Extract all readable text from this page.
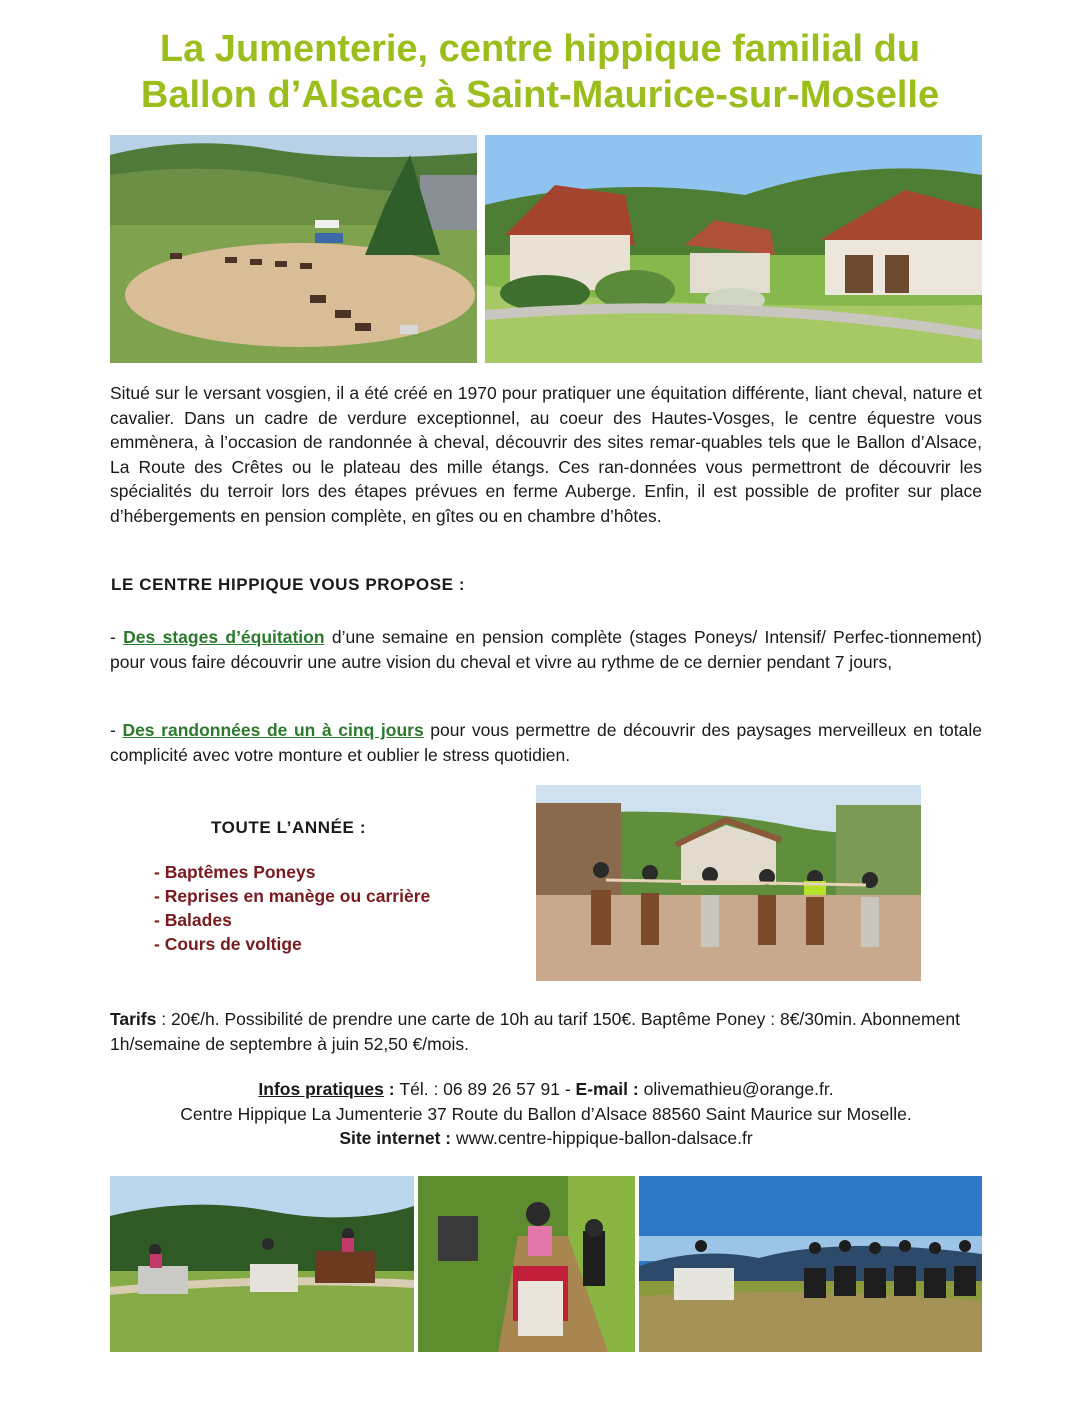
La Jumenterie, centre hippique familial du
Ballon d’Alsace à Saint-Maurice-sur-Moselle

Situé sur le versant vosgien, il a été créé en 1970 pour pratiquer une équitation différente, liant cheval, nature et cavalier. Dans un cadre de verdure exceptionnel, au coeur des Hautes-Vosges, le centre équestre vous emmènera, à l’occasion de randonnée à cheval, découvrir des sites remar-quables tels que le Ballon d’Alsace, La Route des Crêtes ou le plateau des mille étangs. Ces ran-données vous permettront de découvrir les spécialités du terroir lors des étapes prévues en ferme Auberge. Enfin, il est possible de profiter sur place d’hébergements en pension complète, en gîtes ou en chambre d’hôtes.

LE CENTRE HIPPIQUE VOUS PROPOSE :

- Des stages d’équitation d’une semaine en pension complète (stages Poneys/ Intensif/ Perfec-tionnement) pour vous faire découvrir une autre vision du cheval et vivre au rythme de ce dernier pendant 7 jours,

- Des randonnées de un à cinq jours pour vous permettre de découvrir des paysages merveilleux en totale complicité avec votre monture et oublier le stress quotidien.

TOUTE L’ANNÉE :
- Baptêmes Poneys
- Reprises en manège ou carrière
- Balades
- Cours de voltige

Tarifs : 20€/h. Possibilité de prendre une carte de 10h au tarif 150€. Baptême Poney : 8€/30min. Abonnement 1h/semaine de septembre à juin 52,50 €/mois.

Infos pratiques : Tél. : 06 89 26 57 91 - E-mail : olivemathieu@orange.fr.
Centre Hippique La Jumenterie 37 Route du Ballon d’Alsace 88560 Saint Maurice sur Moselle.
Site internet : www.centre-hippique-ballon-dalsace.fr
